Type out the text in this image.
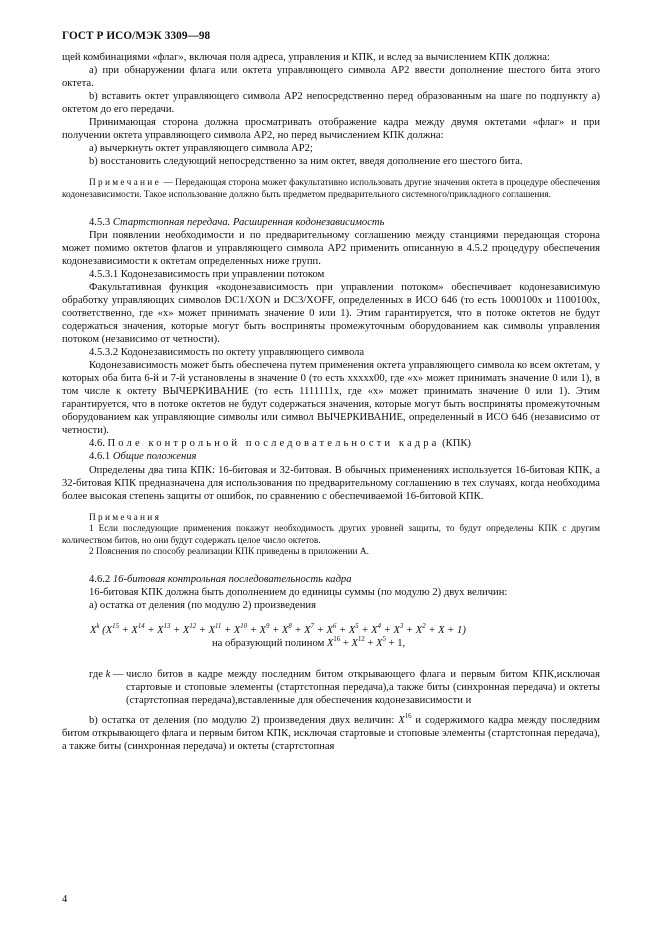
ГОСТ Р ИСО/МЭК 3309—98

щей комбинациями «флаг», включая поля адреса, управления и КПК, и вслед за вычислением КПК должна:

a) при обнаружении флага или октета управляющего символа АР2 ввести дополнение шестого бита этого октета.

b) вставить октет управляющего символа АР2 непосредственно перед образованным на шаге по подпункту а) октетом до его передачи.

Принимающая сторона должна просматривать отображение кадра между двумя октетами «флаг» и при получении октета управляющего символа АР2, но перед вычислением КПК должна:

a) вычеркнуть октет управляющего символа АР2;

b) восстановить следующий непосредственно за ним октет, введя дополнение его шестого бита.

Примечание — Передающая сторона может факультативно использовать другие значения октета в процедуре обеспечения кодонезависимости. Такое использование должно быть предметом предварительного системного/прикладного соглашения.

4.5.3 Стартстопная передача. Расширенная кодонезависимость

При появлении необходимости и по предварительному соглашению между станциями передающая сторона может помимо октетов флагов и управляющего символа АР2 применить описанную в 4.5.2 процедуру обеспечения кодонезависимости к октетам определенных ниже групп.

4.5.3.1 Кодонезависимость при управлении потоком

Факультативная функция «кодонезависимость при управлении потоком» обеспечивает кодонезависимую обработку управляющих символов DC1/XON и DC3/XOFF, определенных в ИСО 646 (то есть 1000100x и 1100100x, соответственно, где «x» может принимать значение 0 или 1). Этим гарантируется, что в потоке октетов не будут содержаться значения, которые могут быть восприняты промежуточным оборудованием как символы управления потоком (независимо от четности).

4.5.3.2 Кодонезависимость по октету управляющего символа

Кодонезависимость может быть обеспечена путем применения октета управляющего символа ко всем октетам, у которых оба бита 6-й и 7-й установлены в значение 0 (то есть xxxxx00, где «x» может принимать значение 0 или 1), в том числе к октету ВЫЧЕРКИВАНИЕ (то есть 1111111x, где «x» может принимать значение 0 или 1). Этим гарантируется, что в потоке октетов не будут содержаться значения, которые могут быть восприняты промежуточным оборудованием как управляющие символы или символ ВЫЧЕРКИВАНИЕ, определенный в ИСО 646 (независимо от четности).

4.6. Поле контрольной последовательности кадра (КПК)

4.6.1 Общие положения

Определены два типа КПК: 16-битовая и 32-битовая. В обычных применениях используется 16-битовая КПК, а 32-битовая КПК предназначена для использования по предварительному соглашению в тех случаях, когда необходима более высокая степень защиты от ошибок, по сравнению с обеспечиваемой 16-битовой КПК.

Примечания

1 Если последующие применения покажут необходимость других уровней защиты, то будут определены КПК с другим количеством битов, но они будут содержать целое число октетов.

2 Пояснения по способу реализации КПК приведены в приложении А.

4.6.2 16-битовая контрольная последовательность кадра

16-битовая КПК должна быть дополнением до единицы суммы (по модулю 2) двух величин:

a) остатка от деления (по модулю 2) произведения

$X^k$ $(X^{15} + X^{14} + X^{13} + X^{12} + X^{11} + X^{10} + X^9 + X^8 + X^7 + X^6 + X^5 + X^4 + X^3 + X^2 + X + 1)$
на образующий полином $X^{16} + X^{12} + X^5 + 1$,
где k — число битов в кадре между последним битом открывающего флага и первым битом КПК,исключая стартовые и стоповые элементы (стартстопная передача),а также биты (синхронная передача) и октеты (стартстопная передача),вставленные для обеспечения кодонезависимости и

b) остатка от деления (по модулю 2) произведения двух величин: $X^{16}$ и содержимого кадра между последним битом открывающего флага и первым битом КПК, исключая стартовые и стоповые элементы (стартстопная передача), а также биты (синхронная передача) и октеты (стартстопная

4
